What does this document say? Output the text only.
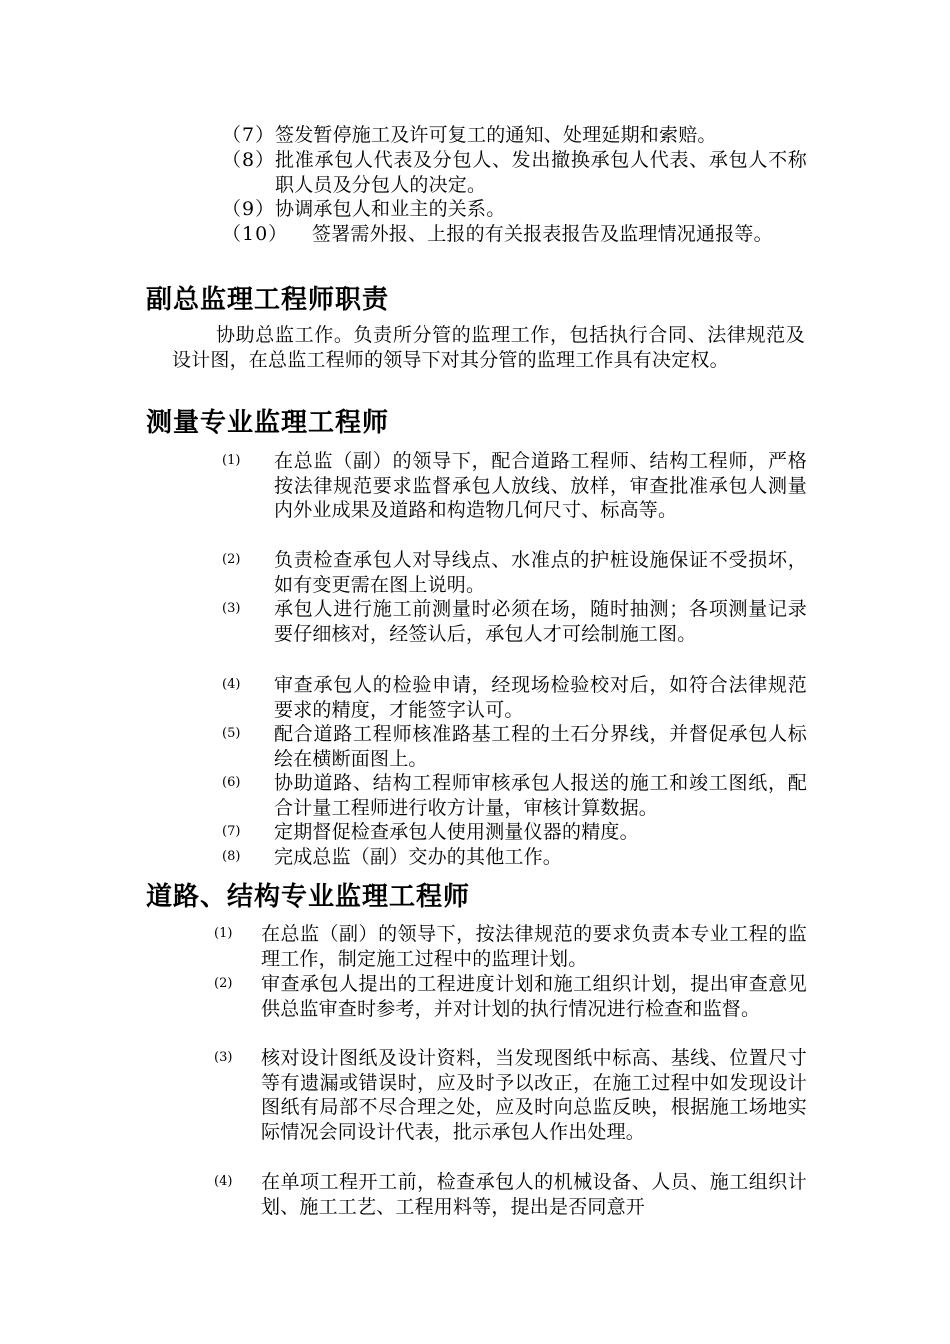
（7） 签发暂停施工及许可复工的通知、处理延期和索赔。
（8） 批准承包人代表及分包人、发出撤换承包人代表、承包人不称职人员及分包人的决定。
（9） 协调承包人和业主的关系。
（10）	签署需外报、上报的有关报表报告及监理情况通报等。
副总监理工程师职责
协助总监工作。负责所分管的监理工作，包括执行合同、法律规范及设计图，在总监工程师的领导下对其分管的监理工作具有决定权。
测量专业监理工程师
(1) 在总监（副）的领导下，配合道路工程师、结构工程师，严格按法律规范要求监督承包人放线、放样，审查批准承包人测量内外业成果及道路和构造物几何尺寸、标高等。
(2) 负责检查承包人对导线点、水准点的护桩设施保证不受损坏，如有变更需在图上说明。
(3) 承包人进行施工前测量时必须在场，随时抽测；各项测量记录要仔细核对，经签认后，承包人才可绘制施工图。
(4) 审查承包人的检验申请，经现场检验校对后，如符合法律规范要求的精度，才能签字认可。
(5) 配合道路工程师核准路基工程的土石分界线，并督促承包人标绘在横断面图上。
(6) 协助道路、结构工程师审核承包人报送的施工和竣工图纸，配合计量工程师进行收方计量，审核计算数据。
(7) 定期督促检查承包人使用测量仪器的精度。
(8) 完成总监（副）交办的其他工作。
道路、结构专业监理工程师
(1) 在总监（副）的领导下，按法律规范的要求负责本专业工程的监理工作，制定施工过程中的监理计划。
(2) 审查承包人提出的工程进度计划和施工组织计划，提出审查意见供总监审查时参考，并对计划的执行情况进行检查和监督。
(3) 核对设计图纸及设计资料，当发现图纸中标高、基线、位置尺寸等有遗漏或错误时，应及时予以改正，在施工过程中如发现设计图纸有局部不尽合理之处，应及时向总监反映，根据施工场地实际情况会同设计代表，批示承包人作出处理。
(4) 在单项工程开工前，检查承包人的机械设备、人员、施工组织计划、施工工艺、工程用料等，提出是否同意开
